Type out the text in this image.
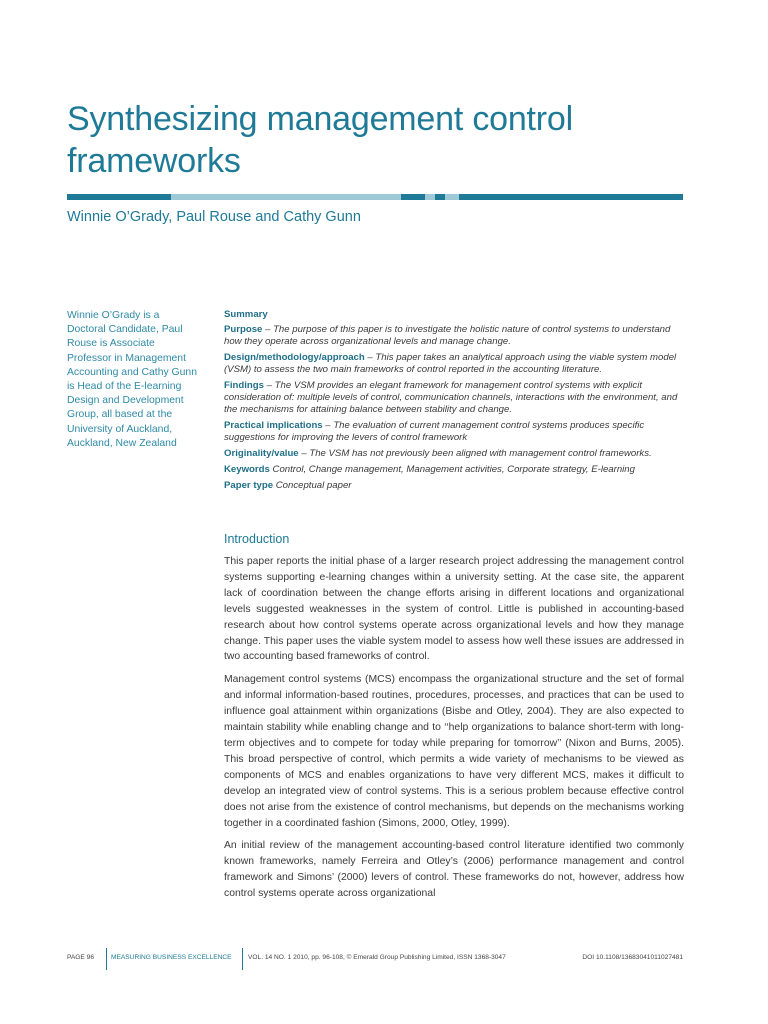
Synthesizing management control frameworks
Winnie O’Grady, Paul Rouse and Cathy Gunn
Winnie O’Grady is a Doctoral Candidate, Paul Rouse is Associate Professor in Management Accounting and Cathy Gunn is Head of the E-learning Design and Development Group, all based at the University of Auckland, Auckland, New Zealand
Summary
Purpose – The purpose of this paper is to investigate the holistic nature of control systems to understand how they operate across organizational levels and manage change.
Design/methodology/approach – This paper takes an analytical approach using the viable system model (VSM) to assess the two main frameworks of control reported in the accounting literature.
Findings – The VSM provides an elegant framework for management control systems with explicit consideration of: multiple levels of control, communication channels, interactions with the environment, and the mechanisms for attaining balance between stability and change.
Practical implications – The evaluation of current management control systems produces specific suggestions for improving the levers of control framework
Originality/value – The VSM has not previously been aligned with management control frameworks.
Keywords Control, Change management, Management activities, Corporate strategy, E-learning
Paper type Conceptual paper
Introduction

This paper reports the initial phase of a larger research project addressing the management control systems supporting e-learning changes within a university setting. At the case site, the apparent lack of coordination between the change efforts arising in different locations and organizational levels suggested weaknesses in the system of control. Little is published in accounting-based research about how control systems operate across organizational levels and how they manage change. This paper uses the viable system model to assess how well these issues are addressed in two accounting based frameworks of control.

Management control systems (MCS) encompass the organizational structure and the set of formal and informal information-based routines, procedures, processes, and practices that can be used to influence goal attainment within organizations (Bisbe and Otley, 2004). They are also expected to maintain stability while enabling change and to ‘‘help organizations to balance short-term with long-term objectives and to compete for today while preparing for tomorrow’’ (Nixon and Burns, 2005). This broad perspective of control, which permits a wide variety of mechanisms to be viewed as components of MCS and enables organizations to have very different MCS, makes it difficult to develop an integrated view of control systems. This is a serious problem because effective control does not arise from the existence of control mechanisms, but depends on the mechanisms working together in a coordinated fashion (Simons, 2000, Otley, 1999).

An initial review of the management accounting-based control literature identified two commonly known frameworks, namely Ferreira and Otley’s (2006) performance management and control framework and Simons’ (2000) levers of control. These frameworks do not, however, address how control systems operate across organizational

PAGE 96	MEASURING BUSINESS EXCELLENCE VOL. 14 NO. 1 2010, pp. 96-108, © Emerald Group Publishing Limited, ISSN 1368-3047	DOI 10.1108/13683041011027481
